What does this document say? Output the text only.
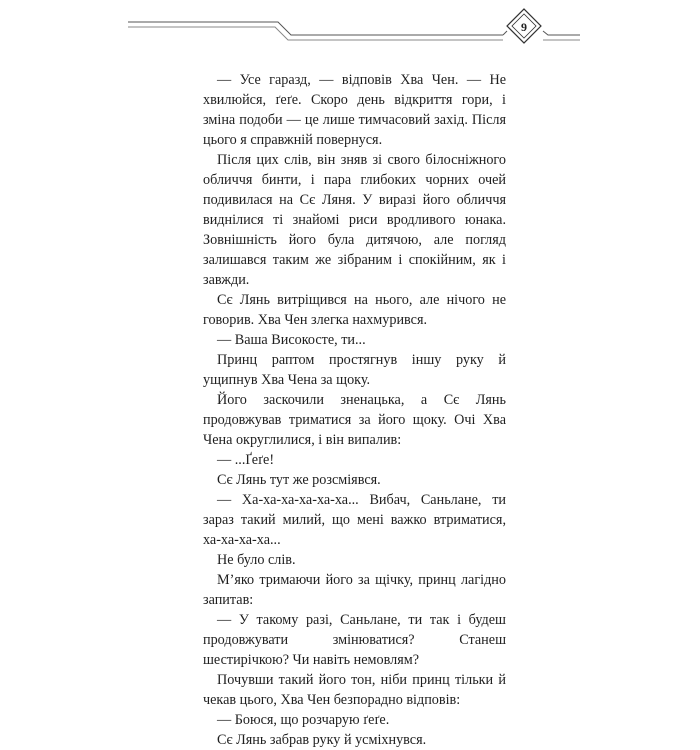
9

— Усе гаразд, — відповів Хва Чен. — Не хвилюйся, ґеґе. Скоро день відкриття гори, і зміна подоби — це лише тимчасовий захід. Після цього я справжній повернуся.

Після цих слів, він зняв зі свого білосніжного обличчя бинти, і пара глибоких чорних очей подивилася на Сє Ляня. У виразі його обличчя виднілися ті знайомі риси вродливого юнака. Зовнішність його була дитячою, але погляд залишався таким же зібраним і спокійним, як і завжди.

Сє Лянь витріщився на нього, але нічого не говорив. Хва Чен злегка нахмурився.

— Ваша Високосте, ти...

Принц раптом простягнув іншу руку й ущипнув Хва Чена за щоку.

Його заскочили зненацька, а Сє Лянь продовжував триматися за його щоку. Очі Хва Чена округлилися, і він випалив:

— ...Ґеґе!

Сє Лянь тут же розсміявся.

— Ха-ха-ха-ха-ха-ха... Вибач, Саньлане, ти зараз такий милий, що мені важко втриматися, ха-ха-ха-ха...

Не було слів.

М’яко тримаючи його за щічку, принц лагідно запитав:

— У такому разі, Саньлане, ти так і будеш продовжувати змінюватися? Станеш шестирічкою? Чи навіть немовлям?

Почувши такий його тон, ніби принц тільки й чекав цього, Хва Чен безпорадно відповів:

— Боюся, що розчарую ґеґе.

Сє Лянь забрав руку й усміхнувся.
